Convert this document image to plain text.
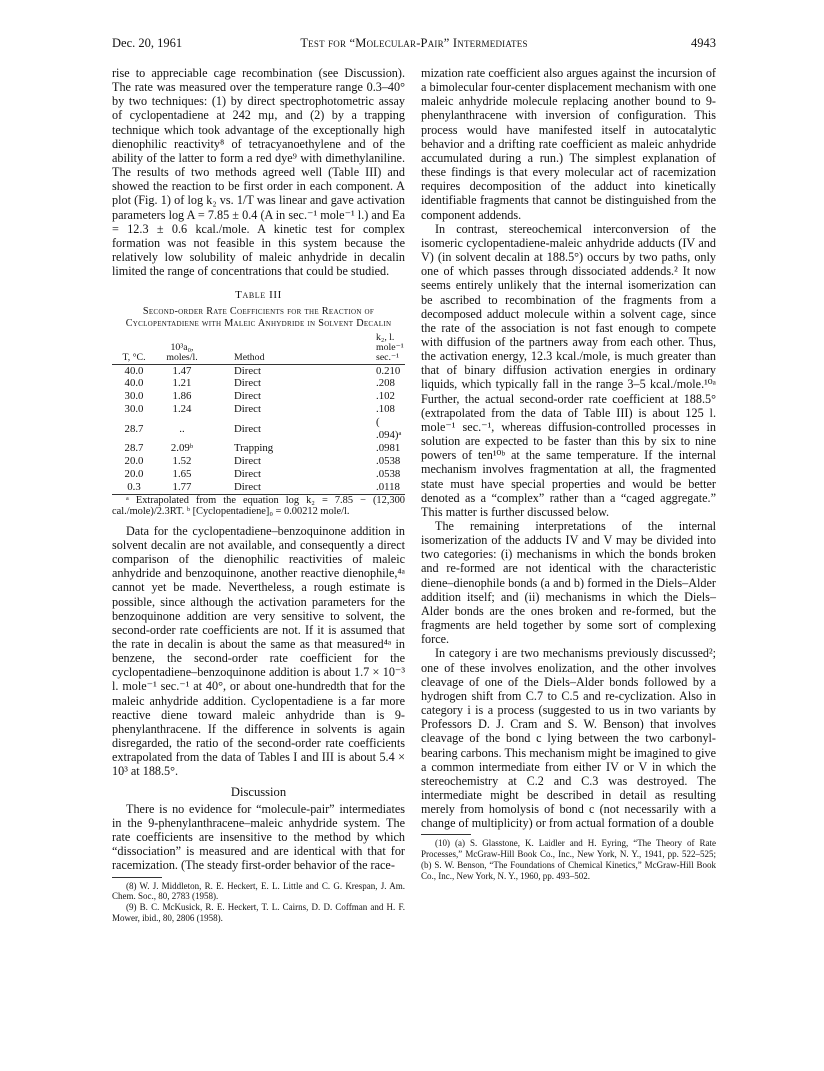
Dec. 20, 1961	Test for “Molecular-Pair” Intermediates	4943

rise to appreciable cage recombination (see Discussion). The rate was measured over the temperature range 0.3–40° by two techniques: (1) by direct spectrophotometric assay of cyclopentadiene at 242 mμ, and (2) by a trapping technique which took advantage of the exceptionally high dienophilic reactivity⁸ of tetracyanoethylene and of the ability of the latter to form a red dye⁹ with dimethylaniline. The results of two methods agreed well (Table III) and showed the reaction to be first order in each component. A plot (Fig. 1) of log k₂ vs. 1/T was linear and gave activation parameters log A = 7.85 ± 0.4 (A in sec.⁻¹ mole⁻¹ l.) and Ea = 12.3 ± 0.6 kcal./mole. A kinetic test for complex formation was not feasible in this system because the relatively low solubility of maleic anhydride in decalin limited the range of concentrations that could be studied.

Table III
Second-order Rate Coefficients for the Reaction of Cyclopentadiene with Maleic Anhydride in Solvent Decalin
T, °C.	10³a₀, moles/l.	Method	k₂, l. mole⁻¹ sec.⁻¹
40.0	1.47	Direct	0.210
40.0	1.21	Direct	.208
30.0	1.86	Direct	.102
30.0	1.24	Direct	.108
28.7	..	Direct	( .094)ᵃ
28.7	2.09ᵇ	Trapping	.0981
20.0	1.52	Direct	.0538
20.0	1.65	Direct	.0538
0.3	1.77	Direct	.0118

ᵃ Extrapolated from the equation log k₂ = 7.85 − (12,300 cal./mole)/2.3RT. ᵇ [Cyclopentadiene]₀ = 0.00212 mole/l.

Data for the cyclopentadiene–benzoquinone addition in solvent decalin are not available, and consequently a direct comparison of the dienophilic reactivities of maleic anhydride and benzoquinone, another reactive dienophile,⁴ᵃ cannot yet be made. Nevertheless, a rough estimate is possible, since although the activation parameters for the benzoquinone addition are very sensitive to solvent, the second-order rate coefficients are not. If it is assumed that the rate in decalin is about the same as that measured⁴ᵃ in benzene, the second-order rate coefficient for the cyclopentadiene–benzoquinone addition is about 1.7 × 10⁻³ l. mole⁻¹ sec.⁻¹ at 40°, or about one-hundredth that for the maleic anhydride addition. Cyclopentadiene is a far more reactive diene toward maleic anhydride than is 9-phenylanthracene. If the difference in solvents is again disregarded, the ratio of the second-order rate coefficients extrapolated from the data of Tables I and III is about 5.4 × 10³ at 188.5°.

Discussion

There is no evidence for “molecule-pair” intermediates in the 9-phenylanthracene–maleic anhydride system. The rate coefficients are insensitive to the method by which “dissociation” is measured and are identical with that for racemization. (The steady first-order behavior of the race-

(8) W. J. Middleton, R. E. Heckert, E. L. Little and C. G. Krespan, J. Am. Chem. Soc., 80, 2783 (1958).

(9) B. C. McKusick, R. E. Heckert, T. L. Cairns, D. D. Coffman and H. F. Mower, ibid., 80, 2806 (1958).

mization rate coefficient also argues against the incursion of a bimolecular four-center displacement mechanism with one maleic anhydride molecule replacing another bound to 9-phenylanthracene with inversion of configuration. This process would have manifested itself in autocatalytic behavior and a drifting rate coefficient as maleic anhydride accumulated during a run.) The simplest explanation of these findings is that every molecular act of racemization requires decomposition of the adduct into kinetically identifiable fragments that cannot be distinguished from the component addends.

In contrast, stereochemical interconversion of the isomeric cyclopentadiene-maleic anhydride adducts (IV and V) (in solvent decalin at 188.5°) occurs by two paths, only one of which passes through dissociated addends.² It now seems entirely unlikely that the internal isomerization can be ascribed to recombination of the fragments from a decomposed adduct molecule within a solvent cage, since the rate of the association is not fast enough to compete with diffusion of the partners away from each other. Thus, the activation energy, 12.3 kcal./mole, is much greater than that of binary diffusion activation energies in ordinary liquids, which typically fall in the range 3–5 kcal./mole.¹⁰ᵃ Further, the actual second-order rate coefficient at 188.5° (extrapolated from the data of Table III) is about 125 l. mole⁻¹ sec.⁻¹, whereas diffusion-controlled processes in solution are expected to be faster than this by six to nine powers of ten¹⁰ᵇ at the same temperature. If the internal mechanism involves fragmentation at all, the fragmented state must have special properties and would be better denoted as a “complex” rather than a “caged aggregate.” This matter is further discussed below.

The remaining interpretations of the internal isomerization of the adducts IV and V may be divided into two categories: (i) mechanisms in which the bonds broken and re-formed are not identical with the characteristic diene–dienophile bonds (a and b) formed in the Diels–Alder addition itself; and (ii) mechanisms in which the Diels–Alder bonds are the ones broken and re-formed, but the fragments are held together by some sort of complexing force.

In category i are two mechanisms previously discussed²; one of these involves enolization, and the other involves cleavage of one of the Diels–Alder bonds followed by a hydrogen shift from C.7 to C.5 and re-cyclization. Also in category i is a process (suggested to us in two variants by Professors D. J. Cram and S. W. Benson) that involves cleavage of the bond c lying between the two carbonyl-bearing carbons. This mechanism might be imagined to give a common intermediate from either IV or V in which the stereochemistry at C.2 and C.3 was destroyed. The intermediate might be described in detail as resulting merely from homolysis of bond c (not necessarily with a change of multiplicity) or from actual formation of a double

(10) (a) S. Glasstone, K. Laidler and H. Eyring, “The Theory of Rate Processes,” McGraw-Hill Book Co., Inc., New York, N. Y., 1941, pp. 522–525; (b) S. W. Benson, “The Foundations of Chemical Kinetics,” McGraw-Hill Book Co., Inc., New York, N. Y., 1960, pp. 493–502.
